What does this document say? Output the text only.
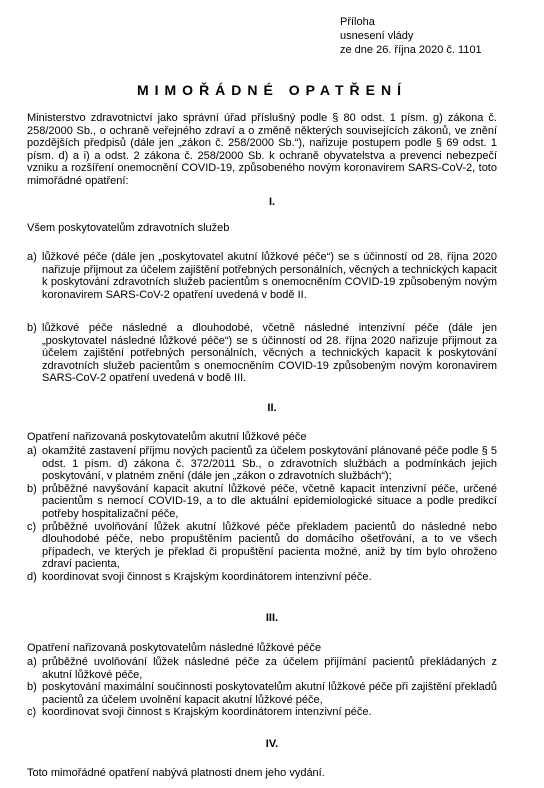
Příloha
usnesení vlády
ze dne 26. října 2020 č. 1101
MIMOŘÁDNÉ OPATŘENÍ
Ministerstvo zdravotnictví jako správní úřad příslušný podle § 80 odst. 1 písm. g) zákona č. 258/2000 Sb., o ochraně veřejného zdraví a o změně některých souvisejících zákonů, ve znění pozdějších předpisů (dále jen „zákon č. 258/2000 Sb.“), nařizuje postupem podle § 69 odst. 1 písm. d) a i) a odst. 2 zákona č. 258/2000 Sb. k ochraně obyvatelstva a prevenci nebezpečí vzniku a rozšíření onemocnění COVID-19, způsobeného novým koronavirem SARS-CoV-2, toto mimořádné opatření:
I.
Všem poskytovatelům zdravotních služeb
a) lůžkové péče (dále jen „poskytovatel akutní lůžkové péče“) se s účinností od 28. října 2020 nařizuje přijmout za účelem zajištění potřebných personálních, věcných a technických kapacit k poskytování zdravotních služeb pacientům s onemocněním COVID-19 způsobeným novým koronavirem SARS-CoV-2 opatření uvedená v bodě II.
b) lůžkové péče následné a dlouhodobé, včetně následné intenzivní péče (dále jen „poskytovatel následné lůžkové péče“) se s účinností od 28. října 2020 nařizuje přijmout za účelem zajištění potřebných personálních, věcných a technických kapacit k poskytování zdravotních služeb pacientům s onemocněním COVID-19 způsobeným novým koronavirem SARS-CoV-2 opatření uvedená v bodě III.
II.
Opatření nařizovaná poskytovatelům akutní lůžkové péče
a) okamžité zastavení příjmu nových pacientů za účelem poskytování plánované péče podle § 5 odst. 1 písm. d) zákona č. 372/2011 Sb., o zdravotních službách a podmínkách jejich poskytování, v platném znění (dále jen „zákon o zdravotních službách“);
b) průběžné navyšování kapacit akutní lůžkové péče, včetně kapacit intenzivní péče, určené pacientům s nemocí COVID-19, a to dle aktuální epidemiologické situace a podle predikcí potřeby hospitalizační péče,
c) průběžné uvolňování lůžek akutní lůžkové péče překladem pacientů do následné nebo dlouhodobé péče, nebo propuštěním pacientů do domácího ošetřování, a to ve všech případech, ve kterých je překlad či propuštění pacienta možné, aniž by tím bylo ohroženo zdraví pacienta,
d) koordinovat svoji činnost s Krajským koordinátorem intenzivní péče.
III.
Opatření nařizovaná poskytovatelům následné lůžkové péče
a) průběžné uvolňování lůžek následné péče za účelem přijímání pacientů překládaných z akutní lůžkové péče,
b) poskytování maximální součinnosti poskytovatelům akutní lůžkové péče při zajištění překladů pacientů za účelem uvolnění kapacit akutní lůžkové péče,
c) koordinovat svoji činnost s Krajským koordinátorem intenzivní péče.
IV.
Toto mimořádné opatření nabývá platnosti dnem jeho vydání.
